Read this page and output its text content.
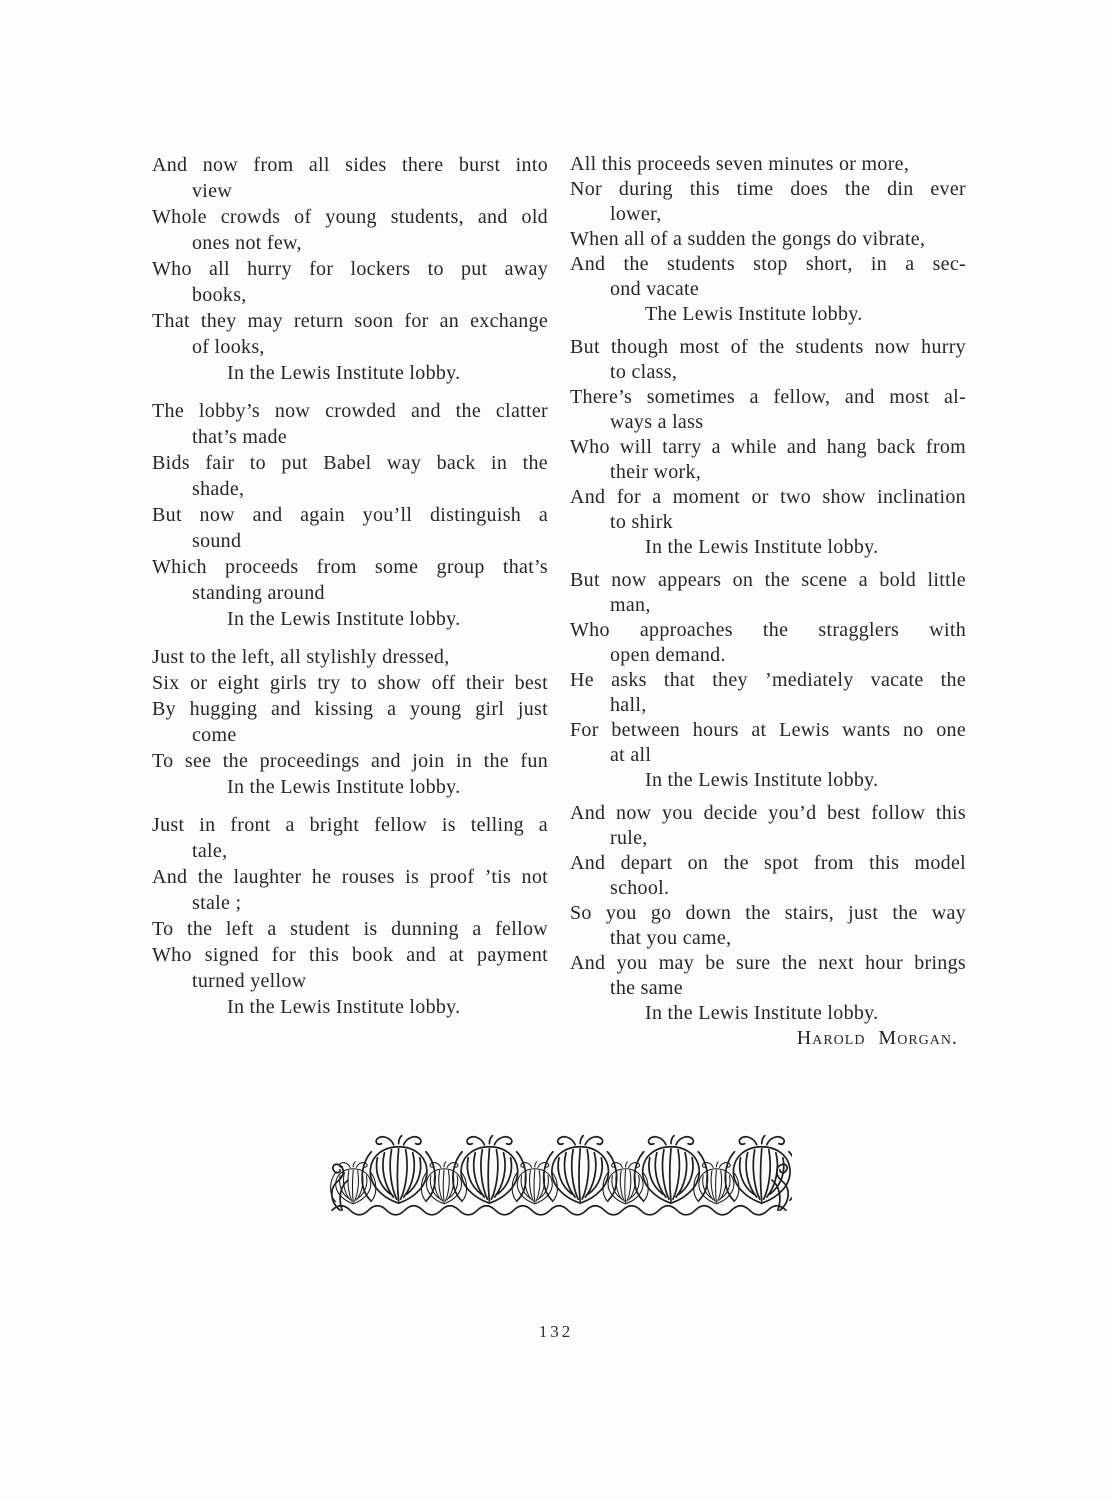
And now from all sides there burst into
view
Whole crowds of young students, and old
ones not few,
Who all hurry for lockers to put away
books,
That they may return soon for an exchange
of looks,
In the Lewis Institute lobby.
The lobby’s now crowded and the clatter
that’s made
Bids fair to put Babel way back in the
shade,
But now and again you’ll distinguish a
sound
Which proceeds from some group that’s
standing around
In the Lewis Institute lobby.
Just to the left, all stylishly dressed,
Six or eight girls try to show off their best
By hugging and kissing a young girl just
come
To see the proceedings and join in the fun
In the Lewis Institute lobby.
Just in front a bright fellow is telling a
tale,
And the laughter he rouses is proof ’tis not
stale ;
To the left a student is dunning a fellow
Who signed for this book and at payment
turned yellow
In the Lewis Institute lobby.
All this proceeds seven minutes or more,
Nor during this time does the din ever
lower,
When all of a sudden the gongs do vibrate,
And the students stop short, in a sec-
ond vacate
The Lewis Institute lobby.
But though most of the students now hurry
to class,
There’s sometimes a fellow, and most al-
ways a lass
Who will tarry a while and hang back from
their work,
And for a moment or two show inclination
to shirk
In the Lewis Institute lobby.
But now appears on the scene a bold little
man,
Who approaches the stragglers with
open demand.
He asks that they ’mediately vacate the
hall,
For between hours at Lewis wants no one
at all
In the Lewis Institute lobby.
And now you decide you’d best follow this
rule,
And depart on the spot from this model
school.
So you go down the stairs, just the way
that you came,
And you may be sure the next hour brings
the same
In the Lewis Institute lobby.
Harold Morgan.
132
